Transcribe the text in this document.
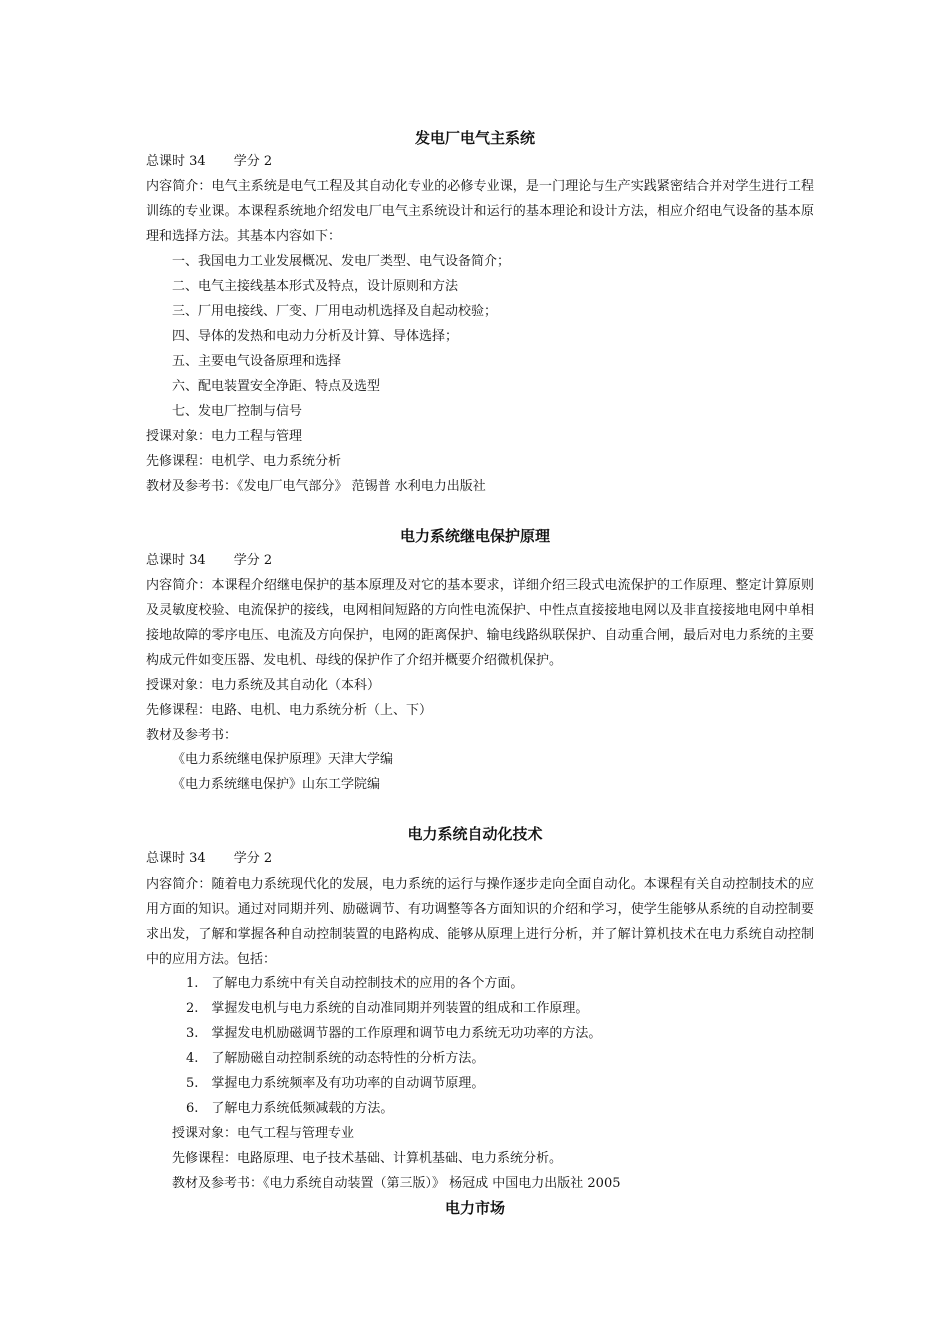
发电厂电气主系统
总课时 34 学分 2
内容简介：电气主系统是电气工程及其自动化专业的必修专业课，是一门理论与生产实践紧密结合并对学生进行工程训练的专业课。本课程系统地介绍发电厂电气主系统设计和运行的基本理论和设计方法，相应介绍电气设备的基本原理和选择方法。其基本内容如下：
一、我国电力工业发展概况、发电厂类型、电气设备简介；
二、电气主接线基本形式及特点，设计原则和方法
三、厂用电接线、厂变、厂用电动机选择及自起动校验；
四、导体的发热和电动力分析及计算、导体选择；
五、主要电气设备原理和选择
六、配电装置安全净距、特点及选型
七、发电厂控制与信号
授课对象：电力工程与管理
先修课程：电机学、电力系统分析
教材及参考书：《发电厂电气部分》 范锡普 水利电力出版社
电力系统继电保护原理
总课时 34 学分 2
内容简介：本课程介绍继电保护的基本原理及对它的基本要求，详细介绍三段式电流保护的工作原理、整定计算原则及灵敏度校验、电流保护的接线，电网相间短路的方向性电流保护、中性点直接接地电网以及非直接接地电网中单相接地故障的零序电压、电流及方向保护，电网的距离保护、输电线路纵联保护、自动重合闸，最后对电力系统的主要构成元件如变压器、发电机、母线的保护作了介绍并概要介绍微机保护。
授课对象：电力系统及其自动化（本科）
先修课程：电路、电机、电力系统分析（上、下）
教材及参考书：
《电力系统继电保护原理》天津大学编
《电力系统继电保护》山东工学院编
电力系统自动化技术
总课时 34 学分 2
内容简介：随着电力系统现代化的发展，电力系统的运行与操作逐步走向全面自动化。本课程有关自动控制技术的应用方面的知识。通过对同期并列、励磁调节、有功调整等各方面知识的介绍和学习，使学生能够从系统的自动控制要求出发，了解和掌握各种自动控制装置的电路构成、能够从原理上进行分析，并了解计算机技术在电力系统自动控制中的应用方法。包括：
1.　了解电力系统中有关自动控制技术的应用的各个方面。
2.　掌握发电机与电力系统的自动准同期并列装置的组成和工作原理。
3.　掌握发电机励磁调节器的工作原理和调节电力系统无功功率的方法。
4.　了解励磁自动控制系统的动态特性的分析方法。
5.　掌握电力系统频率及有功功率的自动调节原理。
6.　了解电力系统低频减载的方法。
授课对象：电气工程与管理专业
先修课程：电路原理、电子技术基础、计算机基础、电力系统分析。
教材及参考书：《电力系统自动装置（第三版）》 杨冠成 中国电力出版社 2005
电力市场
